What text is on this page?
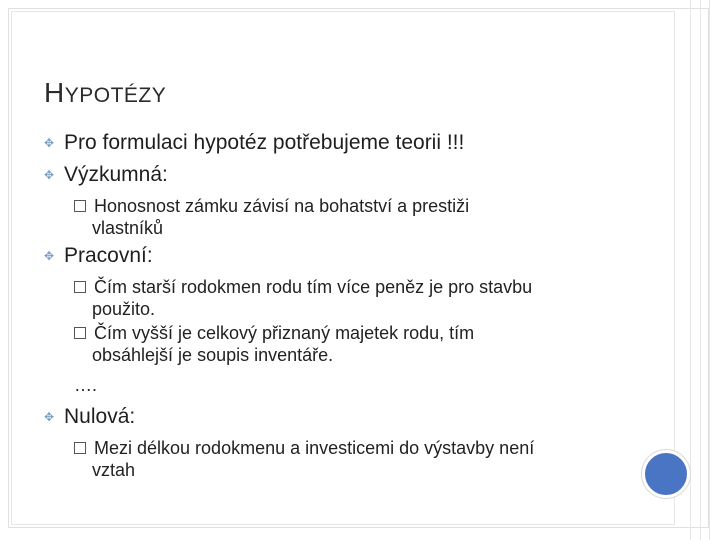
HYPOTÉZY
✥ Pro formulaci hypotéz potřebujeme teorii !!!
✥ Výzkumná:
Honosnost zámku závisí na bohatství a prestiži
vlastníků
✥ Pracovní:
Čím starší rodokmen rodu tím více peněz je pro stavbu
použito.
Čím vyšší je celkový přiznaný majetek rodu, tím
obsáhlejší je soupis inventáře.
….
✥ Nulová:
Mezi délkou rodokmenu a investicemi do výstavby není
vztah
